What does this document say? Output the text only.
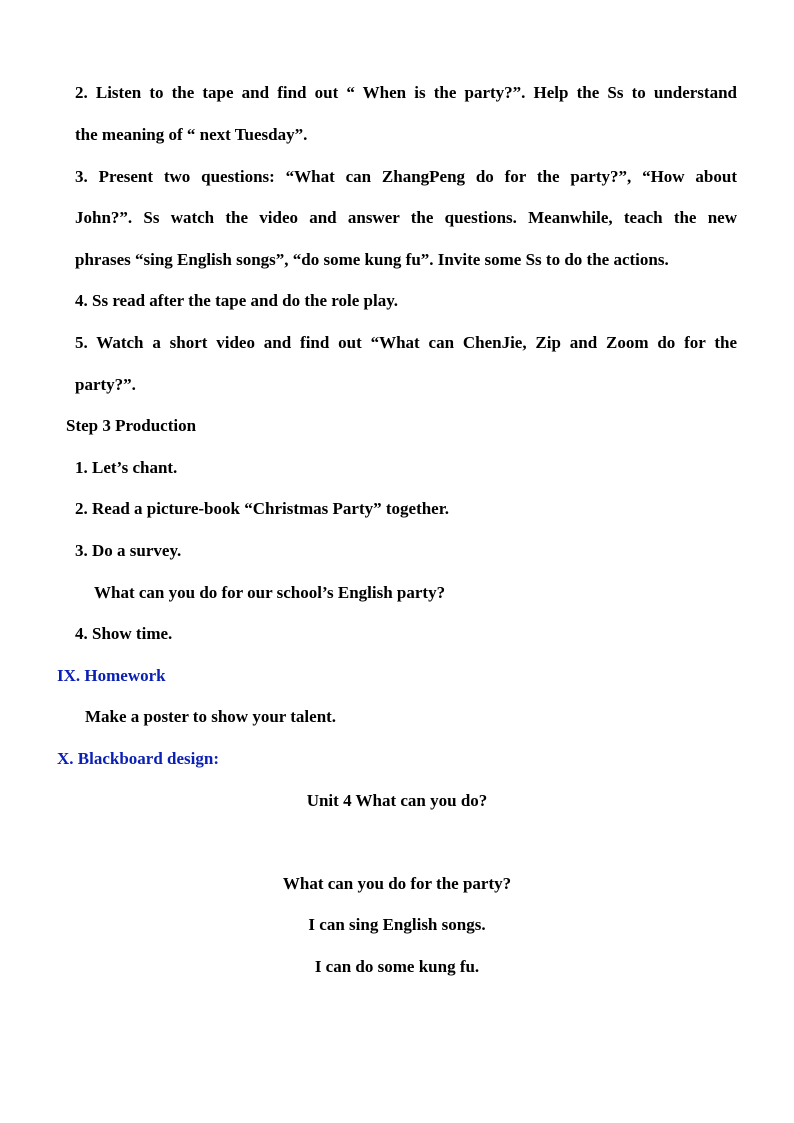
2. Listen to the tape and find out “ When is the party?”. Help the Ss to understand
the meaning of “ next Tuesday”.
3. Present two questions: “What can ZhangPeng do for the party?”, “How about
John?”. Ss watch the video and answer the questions. Meanwhile, teach the new
phrases “sing English songs”, “do some kung fu”. Invite some Ss to do the actions.
4. Ss read after the tape and do the role play.
5. Watch a short video and find out “What can ChenJie, Zip and Zoom do for the
party?”.
Step 3 Production
1. Let’s chant.
2. Read a picture-book “Christmas Party” together.
3. Do a survey.
What can you do for our school’s English party?
4. Show time.
IX. Homework
Make a poster to show your talent.
X. Blackboard design:
Unit 4 What can you do?
What can you do for the party?
I can sing English songs.
I can do some kung fu.
